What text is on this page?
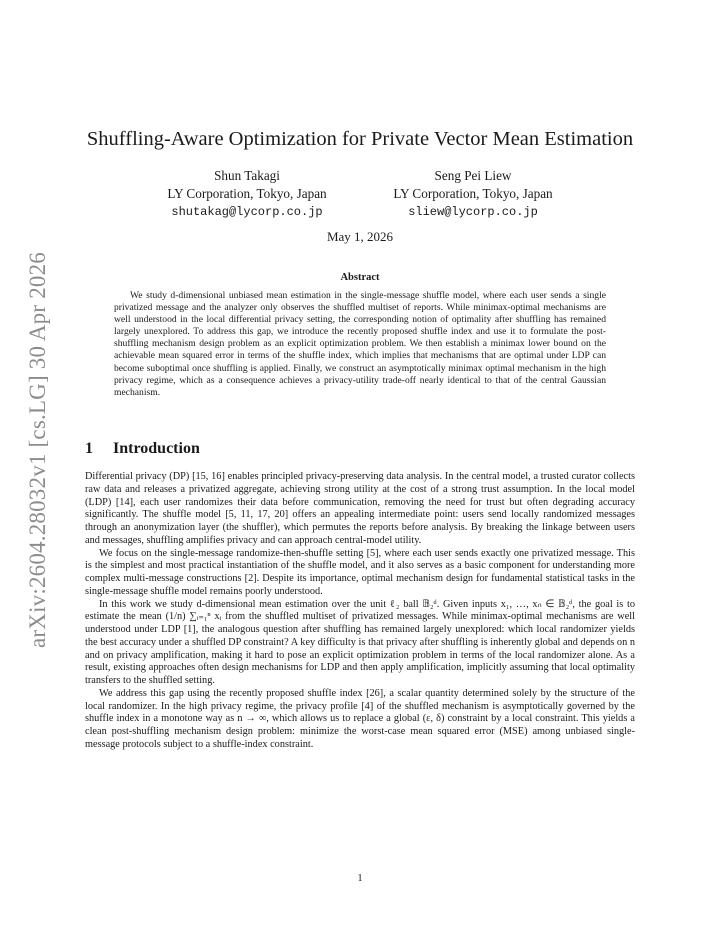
arXiv:2604.28032v1 [cs.LG] 30 Apr 2026
Shuffling-Aware Optimization for Private Vector Mean Estimation
Shun Takagi
LY Corporation, Tokyo, Japan
shutakag@lycorp.co.jp
Seng Pei Liew
LY Corporation, Tokyo, Japan
sliew@lycorp.co.jp
May 1, 2026
Abstract

We study d-dimensional unbiased mean estimation in the single-message shuffle model, where each user sends a single privatized message and the analyzer only observes the shuffled multiset of reports. While minimax-optimal mechanisms are well understood in the local differential privacy setting, the corresponding notion of optimality after shuffling has remained largely unexplored. To address this gap, we introduce the recently proposed shuffle index and use it to formulate the post-shuffling mechanism design problem as an explicit optimization problem. We then establish a minimax lower bound on the achievable mean squared error in terms of the shuffle index, which implies that mechanisms that are optimal under LDP can become suboptimal once shuffling is applied. Finally, we construct an asymptotically minimax optimal mechanism in the high privacy regime, which as a consequence achieves a privacy-utility trade-off nearly identical to that of the central Gaussian mechanism.

1 Introduction

Differential privacy (DP) [15, 16] enables principled privacy-preserving data analysis. In the central model, a trusted curator collects raw data and releases a privatized aggregate, achieving strong utility at the cost of a strong trust assumption. In the local model (LDP) [14], each user randomizes their data before communication, removing the need for trust but often degrading accuracy significantly. The shuffle model [5, 11, 17, 20] offers an appealing intermediate point: users send locally randomized messages through an anonymization layer (the shuffler), which permutes the reports before analysis. By breaking the linkage between users and messages, shuffling amplifies privacy and can approach central-model utility.

We focus on the single-message randomize-then-shuffle setting [5], where each user sends exactly one privatized message. This is the simplest and most practical instantiation of the shuffle model, and it also serves as a basic component for understanding more complex multi-message constructions [2]. Despite its importance, optimal mechanism design for fundamental statistical tasks in the single-message shuffle model remains poorly understood.

In this work we study d-dimensional mean estimation over the unit ℓ₂ ball 𝔹₂ᵈ. Given inputs x₁, …, xₙ ∈ 𝔹₂ᵈ, the goal is to estimate the mean (1/n) ∑ᵢ₌₁ⁿ xᵢ from the shuffled multiset of privatized messages. While minimax-optimal mechanisms are well understood under LDP [1], the analogous question after shuffling has remained largely unexplored: which local randomizer yields the best accuracy under a shuffled DP constraint? A key difficulty is that privacy after shuffling is inherently global and depends on n and on privacy amplification, making it hard to pose an explicit optimization problem in terms of the local randomizer alone. As a result, existing approaches often design mechanisms for LDP and then apply amplification, implicitly assuming that local optimality transfers to the shuffled setting.

We address this gap using the recently proposed shuffle index [26], a scalar quantity determined solely by the structure of the local randomizer. In the high privacy regime, the privacy profile [4] of the shuffled mechanism is asymptotically governed by the shuffle index in a monotone way as n → ∞, which allows us to replace a global (ε, δ) constraint by a local constraint. This yields a clean post-shuffling mechanism design problem: minimize the worst-case mean squared error (MSE) among unbiased single-message protocols subject to a shuffle-index constraint.

1
